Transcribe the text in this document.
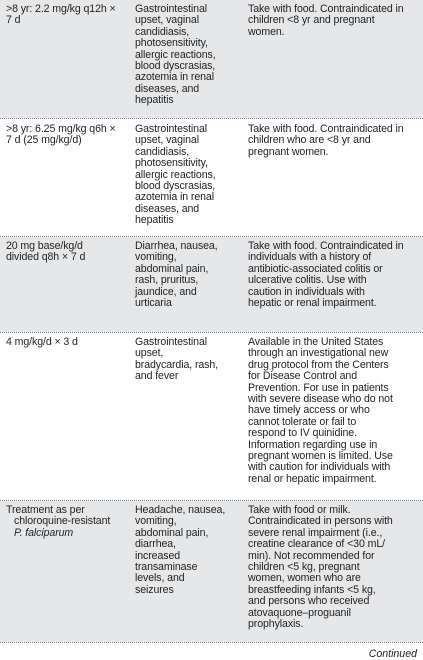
>8 yr: 2.2 mg/kg q12h ×
7 d
Gastrointestinal
upset, vaginal
candidiasis,
photosensitivity,
allergic reactions,
blood dyscrasias,
azotemia in renal
diseases, and
hepatitis
Take with food. Contraindicated in
children <8 yr and pregnant
women.
>8 yr: 6.25 mg/kg q6h ×
7 d (25 mg/kg/d)
Gastrointestinal
upset, vaginal
candidiasis,
photosensitivity,
allergic reactions,
blood dyscrasias,
azotemia in renal
diseases, and
hepatitis
Take with food. Contraindicated in
children who are <8 yr and
pregnant women.
20 mg base/kg/d
divided q8h × 7 d
Diarrhea, nausea,
vomiting,
abdominal pain,
rash, pruritus,
jaundice, and
urticaria
Take with food. Contraindicated in
individuals with a history of
antibiotic-associated colitis or
ulcerative colitis. Use with
caution in individuals with
hepatic or renal impairment.
4 mg/kg/d × 3 d	Gastrointestinal
upset,
bradycardia, rash,
and fever
Available in the United States
through an investigational new
drug protocol from the Centers
for Disease Control and
Prevention. For use in patients
with severe disease who do not
have timely access or who
cannot tolerate or fail to
respond to IV quinidine.
Information regarding use in
pregnant women is limited. Use
with caution for individuals with
renal or hepatic impairment.
Treatment as per
chloroquine-resistant
P. falciparum
Headache, nausea,
vomiting,
abdominal pain,
diarrhea,
increased
transaminase
levels, and
seizures
Take with food or milk.
Contraindicated in persons with
severe renal impairment (i.e.,
creatine clearance of <30 mL/
min). Not recommended for
children <5 kg, pregnant
women, women who are
breastfeeding infants <5 kg,
and persons who received
atovaquone–proguanil
prophylaxis.
Continued
